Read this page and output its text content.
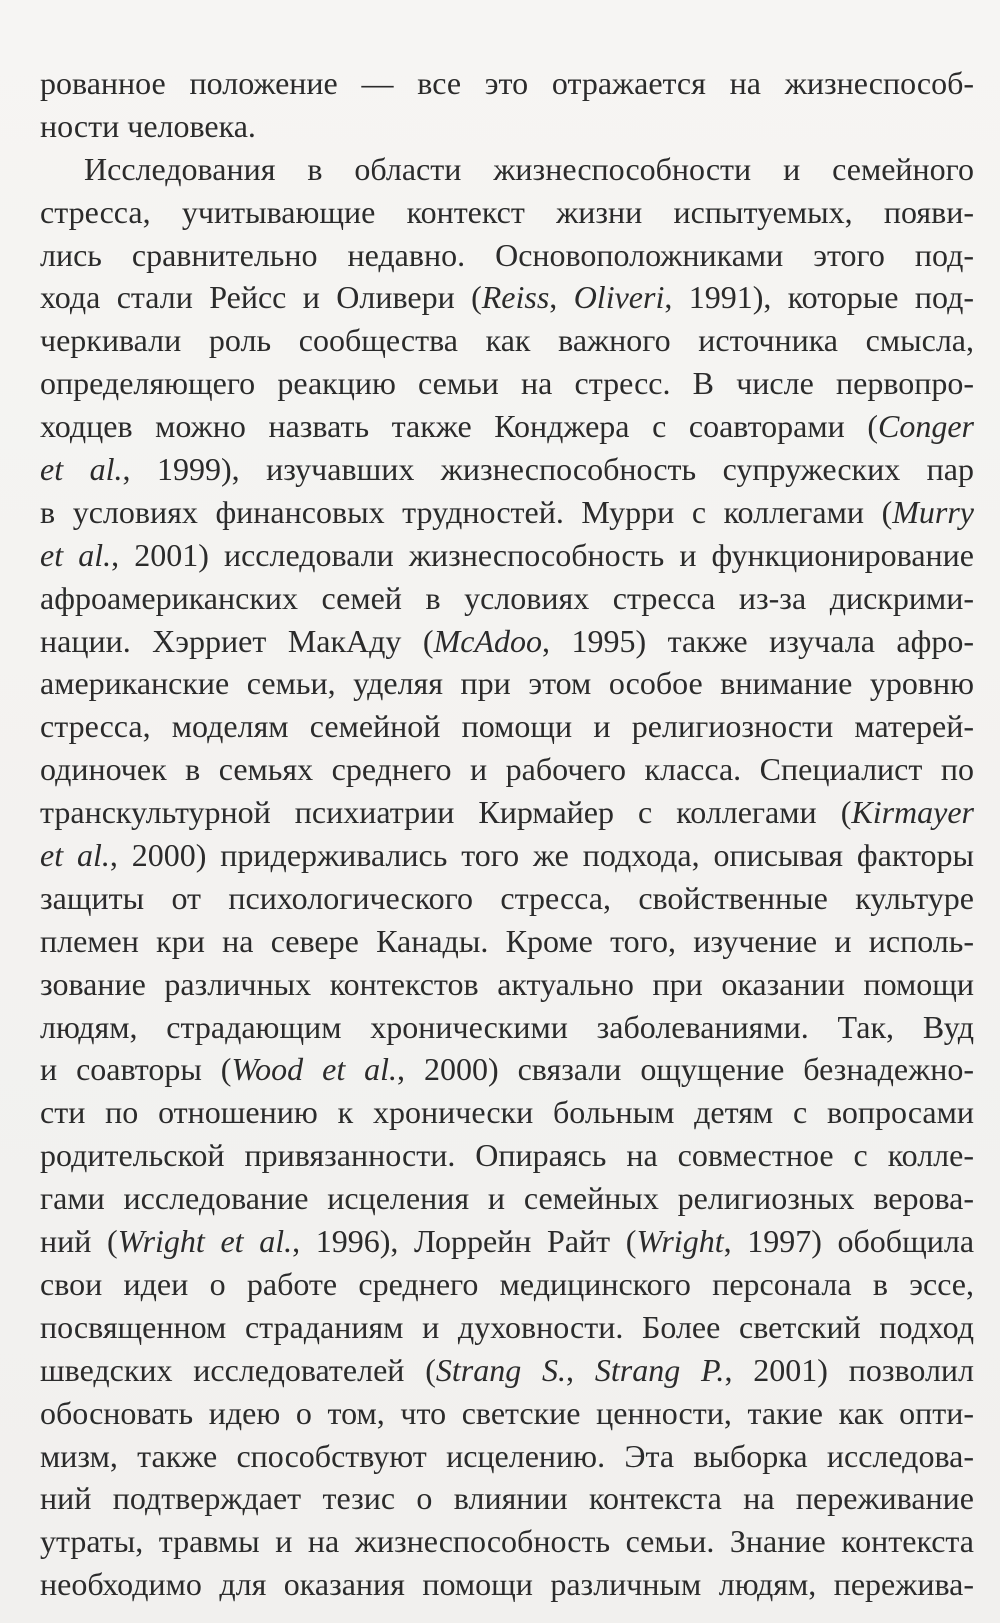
рованное положение — все это отражается на жизнеспособ-
ности человека.
Исследования в области жизнеспособности и семейного
стресса, учитывающие контекст жизни испытуемых, появи-
лись сравнительно недавно. Основоположниками этого под-
хода стали Рейсс и Оливери (Reiss, Oliveri, 1991), которые под-
черкивали роль сообщества как важного источника смысла,
определяющего реакцию семьи на стресс. В числе первопро-
ходцев можно назвать также Конджера с соавторами (Conger
et al., 1999), изучавших жизнеспособность супружеских пар
в условиях финансовых трудностей. Мурри с коллегами (Murry
et al., 2001) исследовали жизнеспособность и функционирование
афроамериканских семей в условиях стресса из-за дискрими-
нации. Хэрриет МакАду (McAdoo, 1995) также изучала афро-
американские семьи, уделяя при этом особое внимание уровню
стресса, моделям семейной помощи и религиозности матерей-
одиночек в семьях среднего и рабочего класса. Специалист по
транскультурной психиатрии Кирмайер с коллегами (Kirmayer
et al., 2000) придерживались того же подхода, описывая факторы
защиты от психологического стресса, свойственные культуре
племен кри на севере Канады. Кроме того, изучение и исполь-
зование различных контекстов актуально при оказании помощи
людям, страдающим хроническими заболеваниями. Так, Вуд
и соавторы (Wood et al., 2000) связали ощущение безнадежно-
сти по отношению к хронически больным детям с вопросами
родительской привязанности. Опираясь на совместное с колле-
гами исследование исцеления и семейных религиозных верова-
ний (Wright et al., 1996), Лоррейн Райт (Wright, 1997) обобщила
свои идеи о работе среднего медицинского персонала в эссе,
посвященном страданиям и духовности. Более светский подход
шведских исследователей (Strang S., Strang P., 2001) позволил
обосновать идею о том, что светские ценности, такие как опти-
мизм, также способствуют исцелению. Эта выборка исследова-
ний подтверждает тезис о влиянии контекста на переживание
утраты, травмы и на жизнеспособность семьи. Знание контекста
необходимо для оказания помощи различным людям, пережива-
